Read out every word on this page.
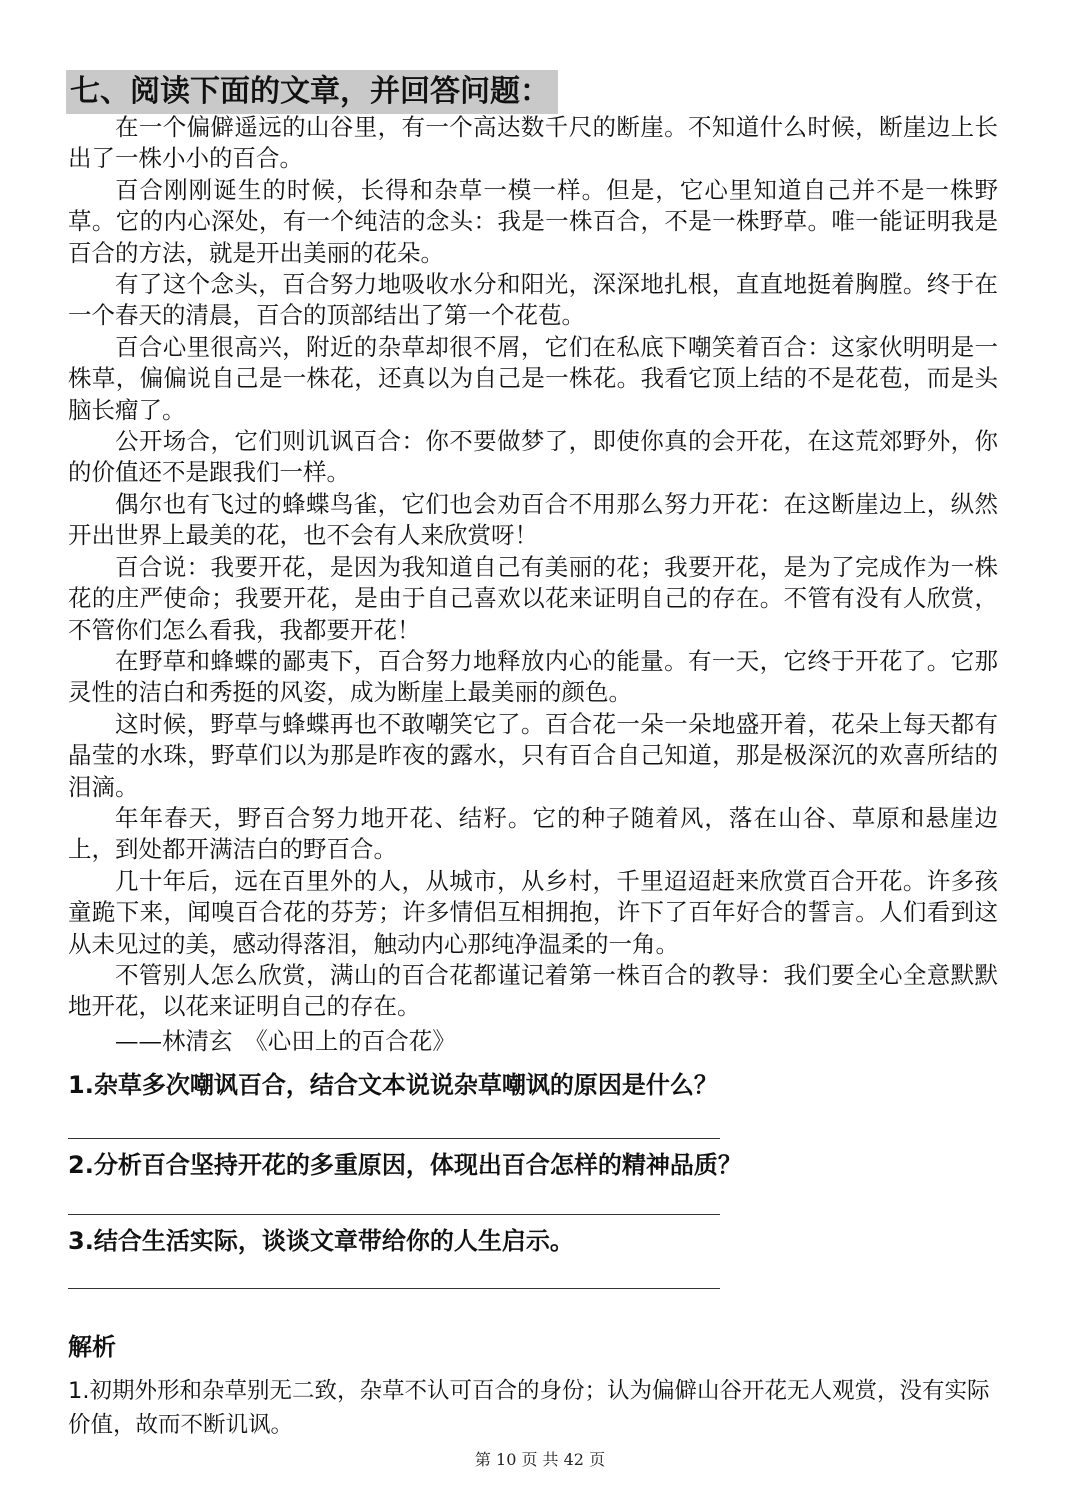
七、阅读下面的文章，并回答问题：

在一个偏僻遥远的山谷里，有一个高达数千尺的断崖。不知道什么时候，断崖边上长出了一株小小的百合。

百合刚刚诞生的时候，长得和杂草一模一样。但是，它心里知道自己并不是一株野草。它的内心深处，有一个纯洁的念头：我是一株百合，不是一株野草。唯一能证明我是百合的方法，就是开出美丽的花朵。

有了这个念头，百合努力地吸收水分和阳光，深深地扎根，直直地挺着胸膛。终于在一个春天的清晨，百合的顶部结出了第一个花苞。

百合心里很高兴，附近的杂草却很不屑，它们在私底下嘲笑着百合：这家伙明明是一株草，偏偏说自己是一株花，还真以为自己是一株花。我看它顶上结的不是花苞，而是头脑长瘤了。

公开场合，它们则讥讽百合：你不要做梦了，即使你真的会开花，在这荒郊野外，你的价值还不是跟我们一样。

偶尔也有飞过的蜂蝶鸟雀，它们也会劝百合不用那么努力开花：在这断崖边上，纵然开出世界上最美的花，也不会有人来欣赏呀！

百合说：我要开花，是因为我知道自己有美丽的花；我要开花，是为了完成作为一株花的庄严使命；我要开花，是由于自己喜欢以花来证明自己的存在。不管有没有人欣赏，不管你们怎么看我，我都要开花！

在野草和蜂蝶的鄙夷下，百合努力地释放内心的能量。有一天，它终于开花了。它那灵性的洁白和秀挺的风姿，成为断崖上最美丽的颜色。

这时候，野草与蜂蝶再也不敢嘲笑它了。百合花一朵一朵地盛开着，花朵上每天都有晶莹的水珠，野草们以为那是昨夜的露水，只有百合自己知道，那是极深沉的欢喜所结的泪滴。

年年春天，野百合努力地开花、结籽。它的种子随着风，落在山谷、草原和悬崖边上，到处都开满洁白的野百合。

几十年后，远在百里外的人，从城市，从乡村，千里迢迢赶来欣赏百合开花。许多孩童跪下来，闻嗅百合花的芬芳；许多情侣互相拥抱，许下了百年好合的誓言。人们看到这从未见过的美，感动得落泪，触动内心那纯净温柔的一角。

不管别人怎么欣赏，满山的百合花都谨记着第一株百合的教导：我们要全心全意默默地开花，以花来证明自己的存在。

——林清玄　《心田上的百合花》

1.杂草多次嘲讽百合，结合文本说说杂草嘲讽的原因是什么？
2.分析百合坚持开花的多重原因，体现出百合怎样的精神品质？
3.结合生活实际，谈谈文章带给你的人生启示。
解析
1.初期外形和杂草别无二致，杂草不认可百合的身份；认为偏僻山谷开花无人观赏，没有实际价值，故而不断讥讽。
第 10 页 共 42 页
